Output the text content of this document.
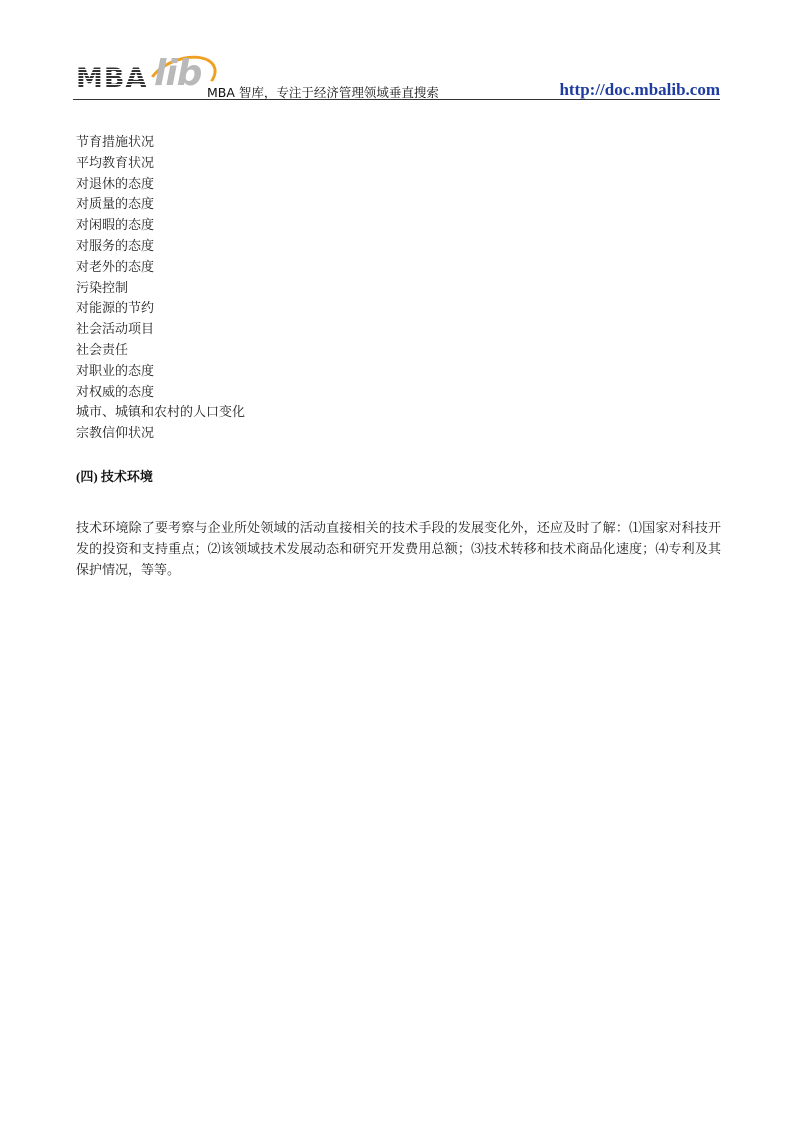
MBA lib MBA 智库，专注于经济管理领域垂直搜索	http://doc.mbalib.com
节育措施状况
平均教育状况
对退休的态度
对质量的态度
对闲暇的态度
对服务的态度
对老外的态度
污染控制
对能源的节约
社会活动项目
社会责任
对职业的态度
对权威的态度
城市、城镇和农村的人口变化
宗教信仰状况
(四) 技术环境

技术环境除了要考察与企业所处领域的活动直接相关的技术手段的发展变化外，还应及时了解：⑴国家对科技开发的投资和支持重点；⑵该领域技术发展动态和研究开发费用总额；⑶技术转移和技术商品化速度；⑷专利及其保护情况，等等。
